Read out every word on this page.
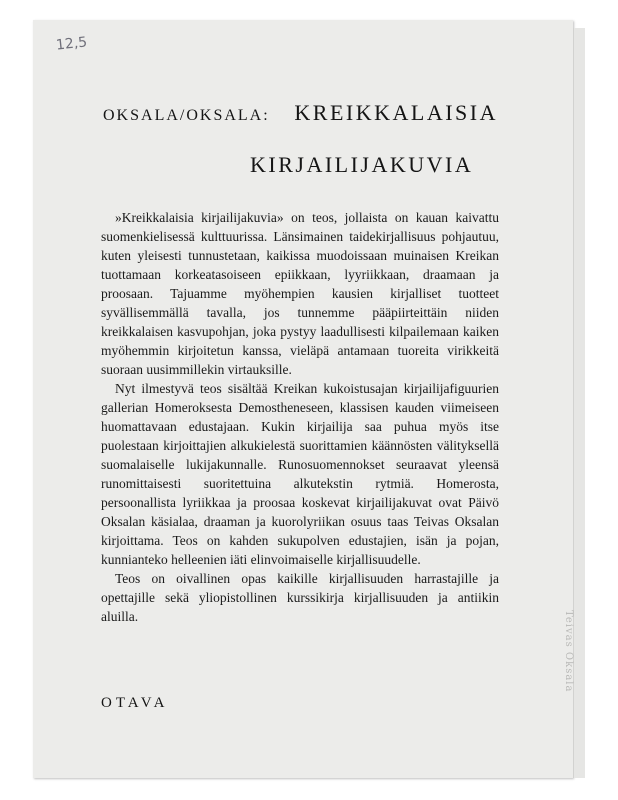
Teivas Oksala
12,5
OKSALA/OKSALA: KREIKKALAISIA
KIRJAILIJAKUVIA

»Kreikkalaisia kirjailijakuvia» on teos, jollaista on kauan kaivattu suomenkielisessä kulttuurissa. Länsimainen taidekirjallisuus pohjautuu, kuten yleisesti tunnustetaan, kaikissa muodoissaan muinaisen Kreikan tuottamaan korkeatasoiseen epiikkaan, lyyriikkaan, draamaan ja proosaan. Tajuamme myöhempien kausien kirjalliset tuotteet syvällisemmällä tavalla, jos tunnemme pääpiirteittäin niiden kreikkalaisen kasvupohjan, joka pystyy laadullisesti kilpailemaan kaiken myöhemmin kirjoitetun kanssa, vieläpä antamaan tuoreita virikkeitä suoraan uusimmillekin virtauksille.

Nyt ilmestyvä teos sisältää Kreikan kukoistusajan kirjailijafiguurien gallerian Homeroksesta Demostheneseen, klassisen kauden viimeiseen huomattavaan edustajaan. Kukin kirjailija saa puhua myös itse puolestaan kirjoittajien alkukielestä suorittamien käännösten välityksellä suomalaiselle lukijakunnalle. Runosuomennokset seuraavat yleensä runomittaisesti suoritettuina alkutekstin rytmiä. Homerosta, persoonallista lyriikkaa ja proosaa koskevat kirjailijakuvat ovat Päivö Oksalan käsialaa, draaman ja kuorolyriikan osuus taas Teivas Oksalan kirjoittama. Teos on kahden sukupolven edustajien, isän ja pojan, kunnianteko helleenien iäti elinvoimaiselle kirjallisuudelle.

Teos on oivallinen opas kaikille kirjallisuuden harrastajille ja opettajille sekä yliopistollinen kurssikirja kirjallisuuden ja antiikin aluilla.

OTAVA
